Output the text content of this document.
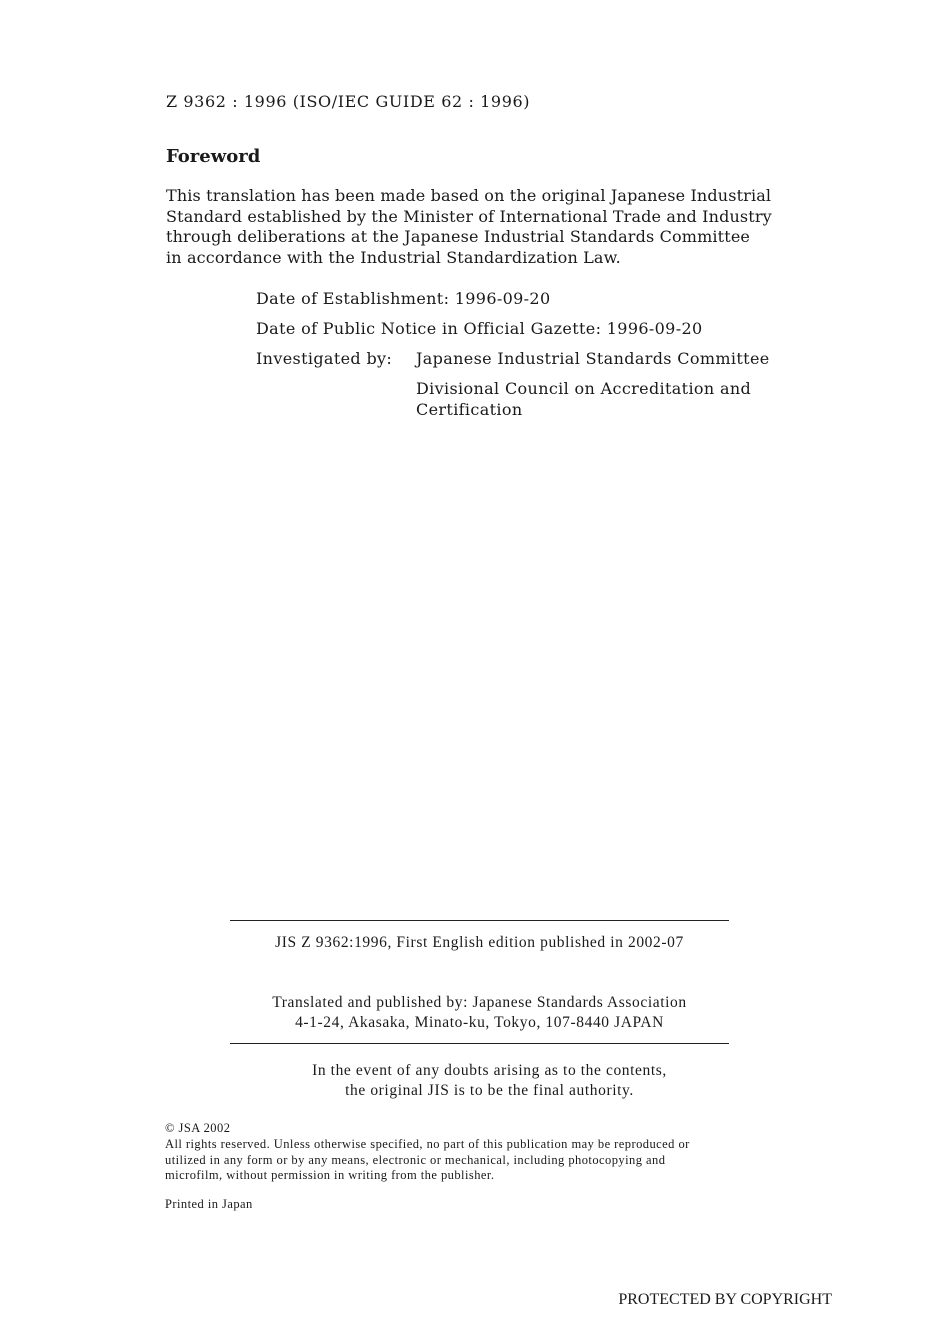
Z 9362 : 1996 (ISO/IEC GUIDE 62 : 1996)
Foreword
This translation has been made based on the original Japanese Industrial
Standard established by the Minister of International Trade and Industry
through deliberations at the Japanese Industrial Standards Committee
in accordance with the Industrial Standardization Law.
Date of Establishment: 1996-09-20
Date of Public Notice in Official Gazette: 1996-09-20
Investigated by: Japanese Industrial Standards Committee
Divisional Council on Accreditation and
Certification
JIS Z 9362:1996, First English edition published in 2002-07
Translated and published by: Japanese Standards Association
4-1-24, Akasaka, Minato-ku, Tokyo, 107-8440 JAPAN
In the event of any doubts arising as to the contents,
the original JIS is to be the final authority.
© JSA 2002
All rights reserved. Unless otherwise specified, no part of this publication may be reproduced or
utilized in any form or by any means, electronic or mechanical, including photocopying and
microfilm, without permission in writing from the publisher.
Printed in Japan
PROTECTED BY COPYRIGHT
